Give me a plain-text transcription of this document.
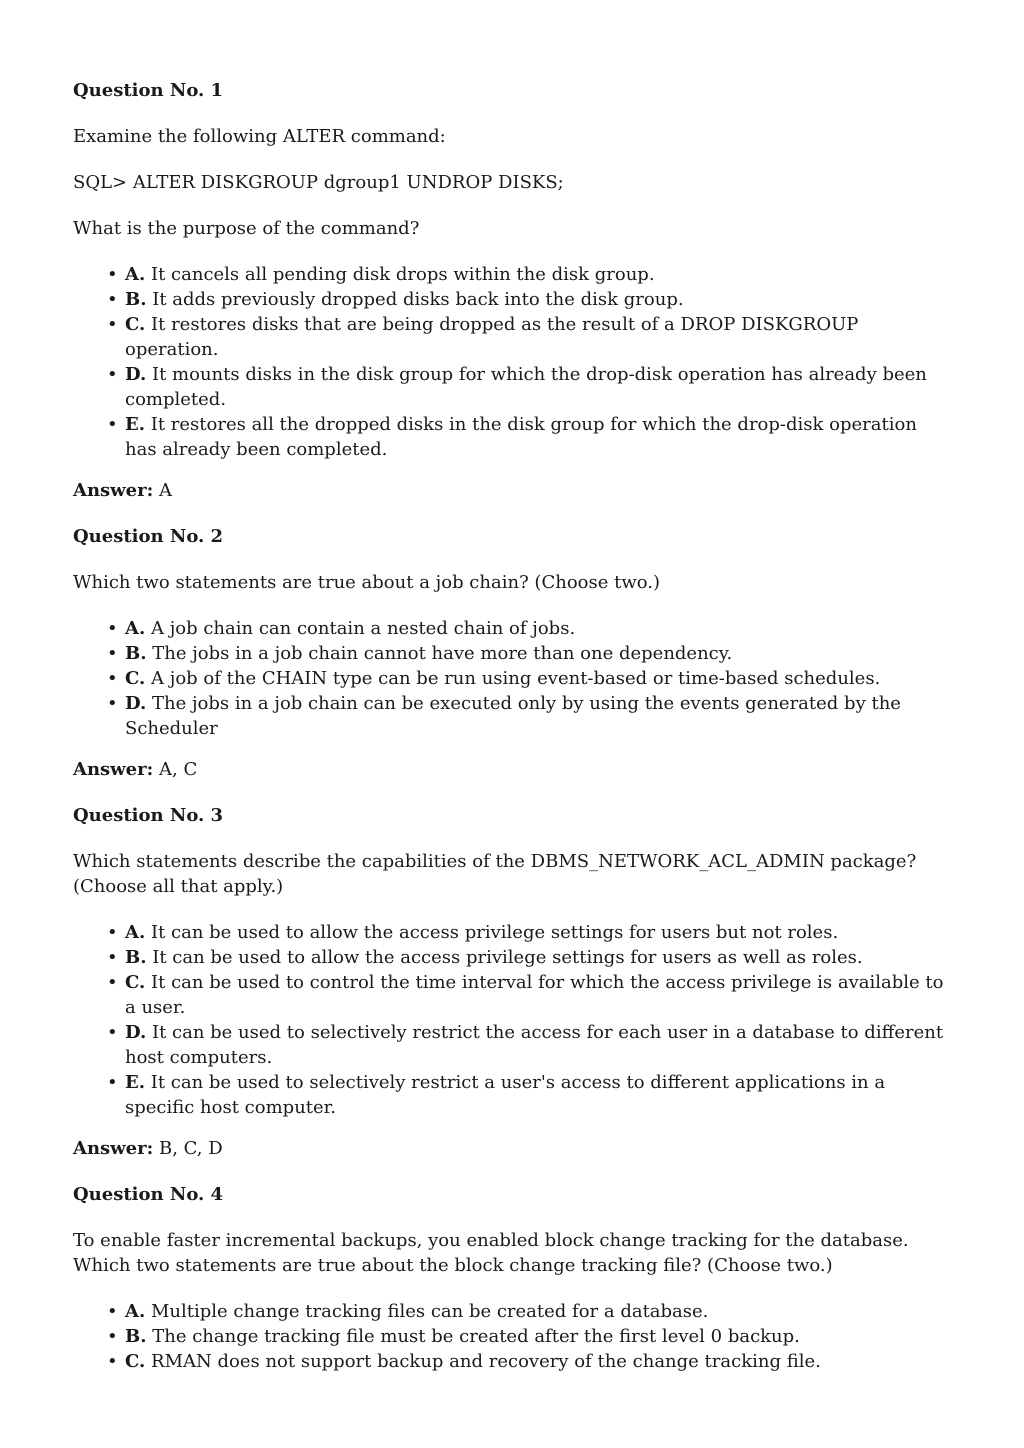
Question No. 1
Examine the following ALTER command:
SQL> ALTER DISKGROUP dgroup1 UNDROP DISKS;
What is the purpose of the command?
• A. It cancels all pending disk drops within the disk group.
• B. It adds previously dropped disks back into the disk group.
• C. It restores disks that are being dropped as the result of a DROP DISKGROUP operation.
• D. It mounts disks in the disk group for which the drop-disk operation has already been completed.
• E. It restores all the dropped disks in the disk group for which the drop-disk operation has already been completed.
Answer: A
Question No. 2
Which two statements are true about a job chain? (Choose two.)
• A. A job chain can contain a nested chain of jobs.
• B. The jobs in a job chain cannot have more than one dependency.
• C. A job of the CHAIN type can be run using event-based or time-based schedules.
• D. The jobs in a job chain can be executed only by using the events generated by the Scheduler
Answer: A, C
Question No. 3
Which statements describe the capabilities of the DBMS_NETWORK_ACL_ADMIN package? (Choose all that apply.)
• A. It can be used to allow the access privilege settings for users but not roles.
• B. It can be used to allow the access privilege settings for users as well as roles.
• C. It can be used to control the time interval for which the access privilege is available to a user.
• D. It can be used to selectively restrict the access for each user in a database to different host computers.
• E. It can be used to selectively restrict a user's access to different applications in a specific host computer.
Answer: B, C, D
Question No. 4
To enable faster incremental backups, you enabled block change tracking for the database. Which two statements are true about the block change tracking file? (Choose two.)
• A. Multiple change tracking files can be created for a database.
• B. The change tracking file must be created after the first level 0 backup.
• C. RMAN does not support backup and recovery of the change tracking file.
